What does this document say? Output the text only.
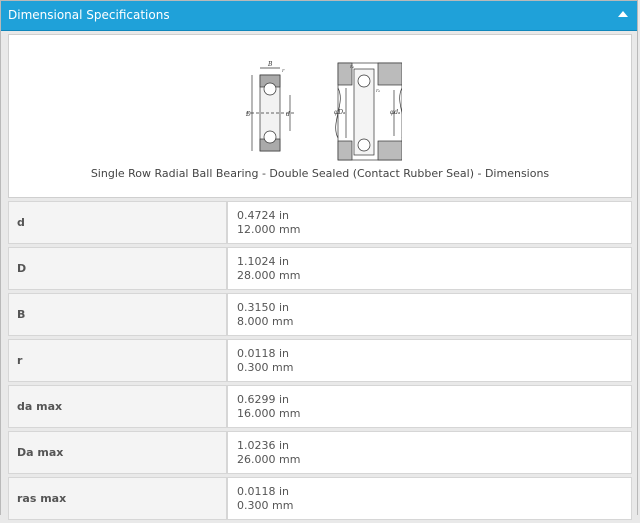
Dimensional Specifications
B
r
D	d
rₐ
rₐ
φDₐ	φdₐ
Single Row Radial Ball Bearing - Double Sealed (Contact Rubber Seal) - Dimensions
d	0.4724 in
12.000 mm

D	1.1024 in
28.000 mm

B	0.3150 in
8.000 mm

r	0.0118 in
0.300 mm

da max	0.6299 in
16.000 mm

Da max	1.0236 in
26.000 mm

ras max	0.0118 in
0.300 mm
